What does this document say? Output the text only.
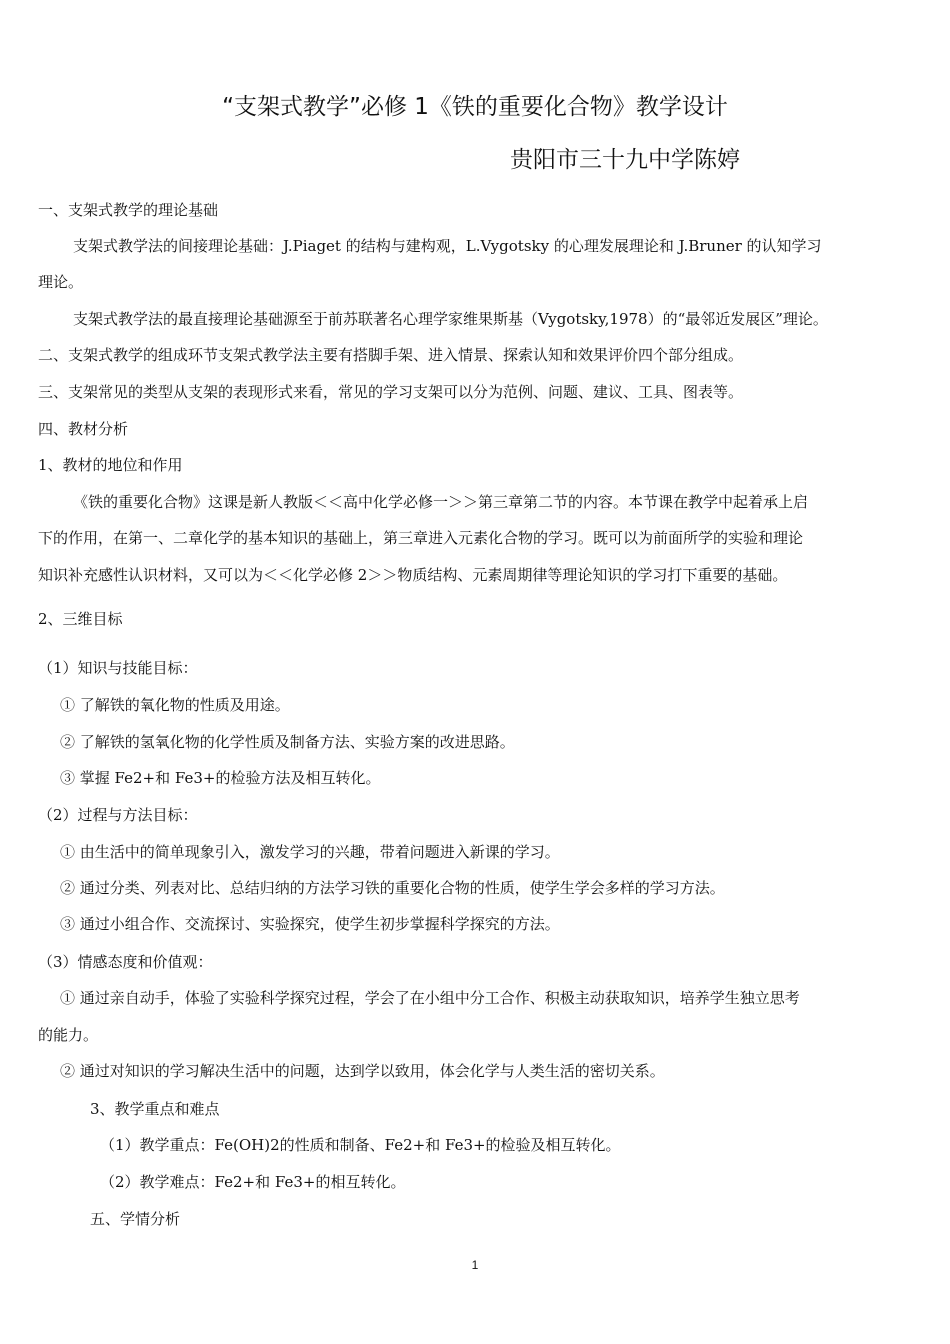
“支架式教学”必修 1《铁的重要化合物》教学设计
贵阳市三十九中学陈婷
一、支架式教学的理论基础
支架式教学法的间接理论基础：J.Piaget 的结构与建构观，L.Vygotsky 的心理发展理论和 J.Bruner 的认知学习
理论。
支架式教学法的最直接理论基础源至于前苏联著名心理学家维果斯基（Vygotsky,1978）的“最邻近发展区”理论。
二、支架式教学的组成环节支架式教学法主要有搭脚手架、进入情景、探索认知和效果评价四个部分组成。
三、支架常见的类型从支架的表现形式来看，常见的学习支架可以分为范例、问题、建议、工具、图表等。
四、教材分析
1、教材的地位和作用
《铁的重要化合物》这课是新人教版＜＜高中化学必修一＞＞第三章第二节的内容。本节课在教学中起着承上启
下的作用，在第一、二章化学的基本知识的基础上，第三章进入元素化合物的学习。既可以为前面所学的实验和理论
知识补充感性认识材料，又可以为＜＜化学必修 2＞＞物质结构、元素周期律等理论知识的学习打下重要的基础。
2、三维目标
（1）知识与技能目标：
① 了解铁的氧化物的性质及用途。
② 了解铁的氢氧化物的化学性质及制备方法、实验方案的改进思路。
③ 掌握 Fe2+和 Fe3+的检验方法及相互转化。
（2）过程与方法目标：
① 由生活中的简单现象引入，激发学习的兴趣，带着问题进入新课的学习。
② 通过分类、列表对比、总结归纳的方法学习铁的重要化合物的性质，使学生学会多样的学习方法。
③ 通过小组合作、交流探讨、实验探究，使学生初步掌握科学探究的方法。
（3）情感态度和价值观：
① 通过亲自动手，体验了实验科学探究过程，学会了在小组中分工合作、积极主动获取知识，培养学生独立思考
的能力。
② 通过对知识的学习解决生活中的问题，达到学以致用，体会化学与人类生活的密切关系。
3、教学重点和难点
（1）教学重点：Fe(OH)2的性质和制备、Fe2+和 Fe3+的检验及相互转化。
（2）教学难点：Fe2+和 Fe3+的相互转化。
五、学情分析
1
